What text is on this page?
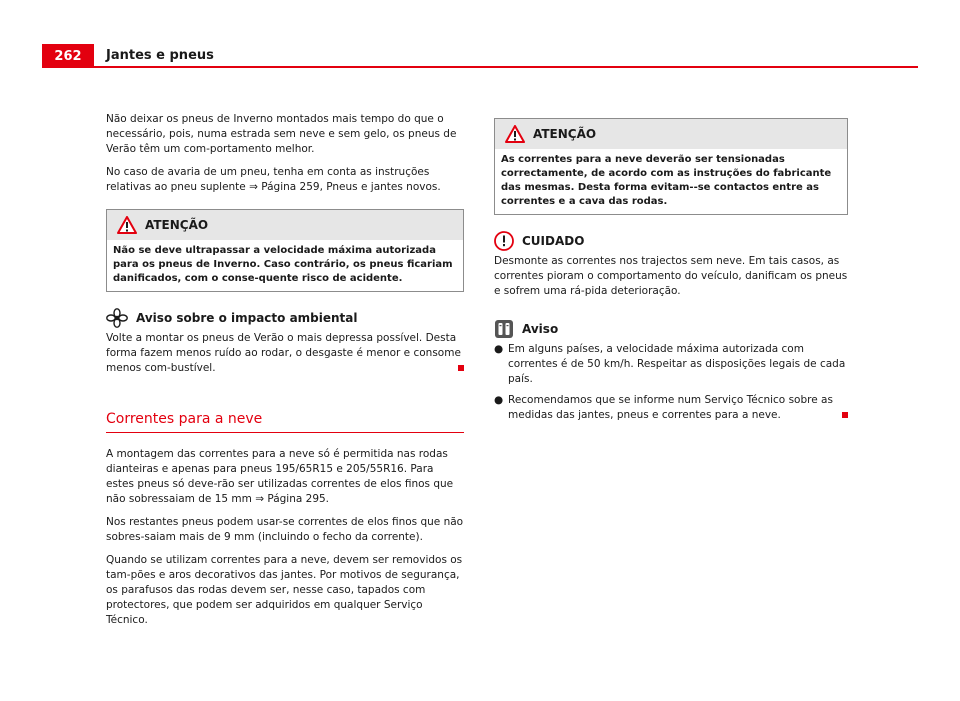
262	Jantes e pneus

Não deixar os pneus de Inverno montados mais tempo do que o necessário, pois, numa estrada sem neve e sem gelo, os pneus de Verão têm um com-portamento melhor.

No caso de avaria de um pneu, tenha em conta as instruções relativas ao pneu suplente ⇒ Página 259, Pneus e jantes novos.

ATENÇÃO
Não se deve ultrapassar a velocidade máxima autorizada para os pneus de Inverno. Caso contrário, os pneus ficariam danificados, com o conse-quente risco de acidente.
Aviso sobre o impacto ambiental
Volte a montar os pneus de Verão o mais depressa possível. Desta forma fazem menos ruído ao rodar, o desgaste é menor e consome menos com-bustível.
Correntes para a neve

A montagem das correntes para a neve só é permitida nas rodas dianteiras e apenas para pneus 195/65R15 e 205/55R16. Para estes pneus só deve-rão ser utilizadas correntes de elos finos que não sobressaiam de 15 mm ⇒ Página 295.

Nos restantes pneus podem usar-se correntes de elos finos que não sobres-saiam mais de 9 mm (incluindo o fecho da corrente).

Quando se utilizam correntes para a neve, devem ser removidos os tam-pões e aros decorativos das jantes. Por motivos de segurança, os parafusos das rodas devem ser, nesse caso, tapados com protectores, que podem ser adquiridos em qualquer Serviço Técnico.

ATENÇÃO
As correntes para a neve deverão ser tensionadas correctamente, de acordo com as instruções do fabricante das mesmas. Desta forma evitam--se contactos entre as correntes e a cava das rodas.
CUIDADO
Desmonte as correntes nos trajectos sem neve. Em tais casos, as correntes pioram o comportamento do veículo, danificam os pneus e sofrem uma rá-pida deterioração.
Aviso
● Em alguns países, a velocidade máxima autorizada com correntes é de 50 km/h. Respeitar as disposições legais de cada país.
● Recomendamos que se informe num Serviço Técnico sobre as medidas das jantes, pneus e correntes para a neve.
